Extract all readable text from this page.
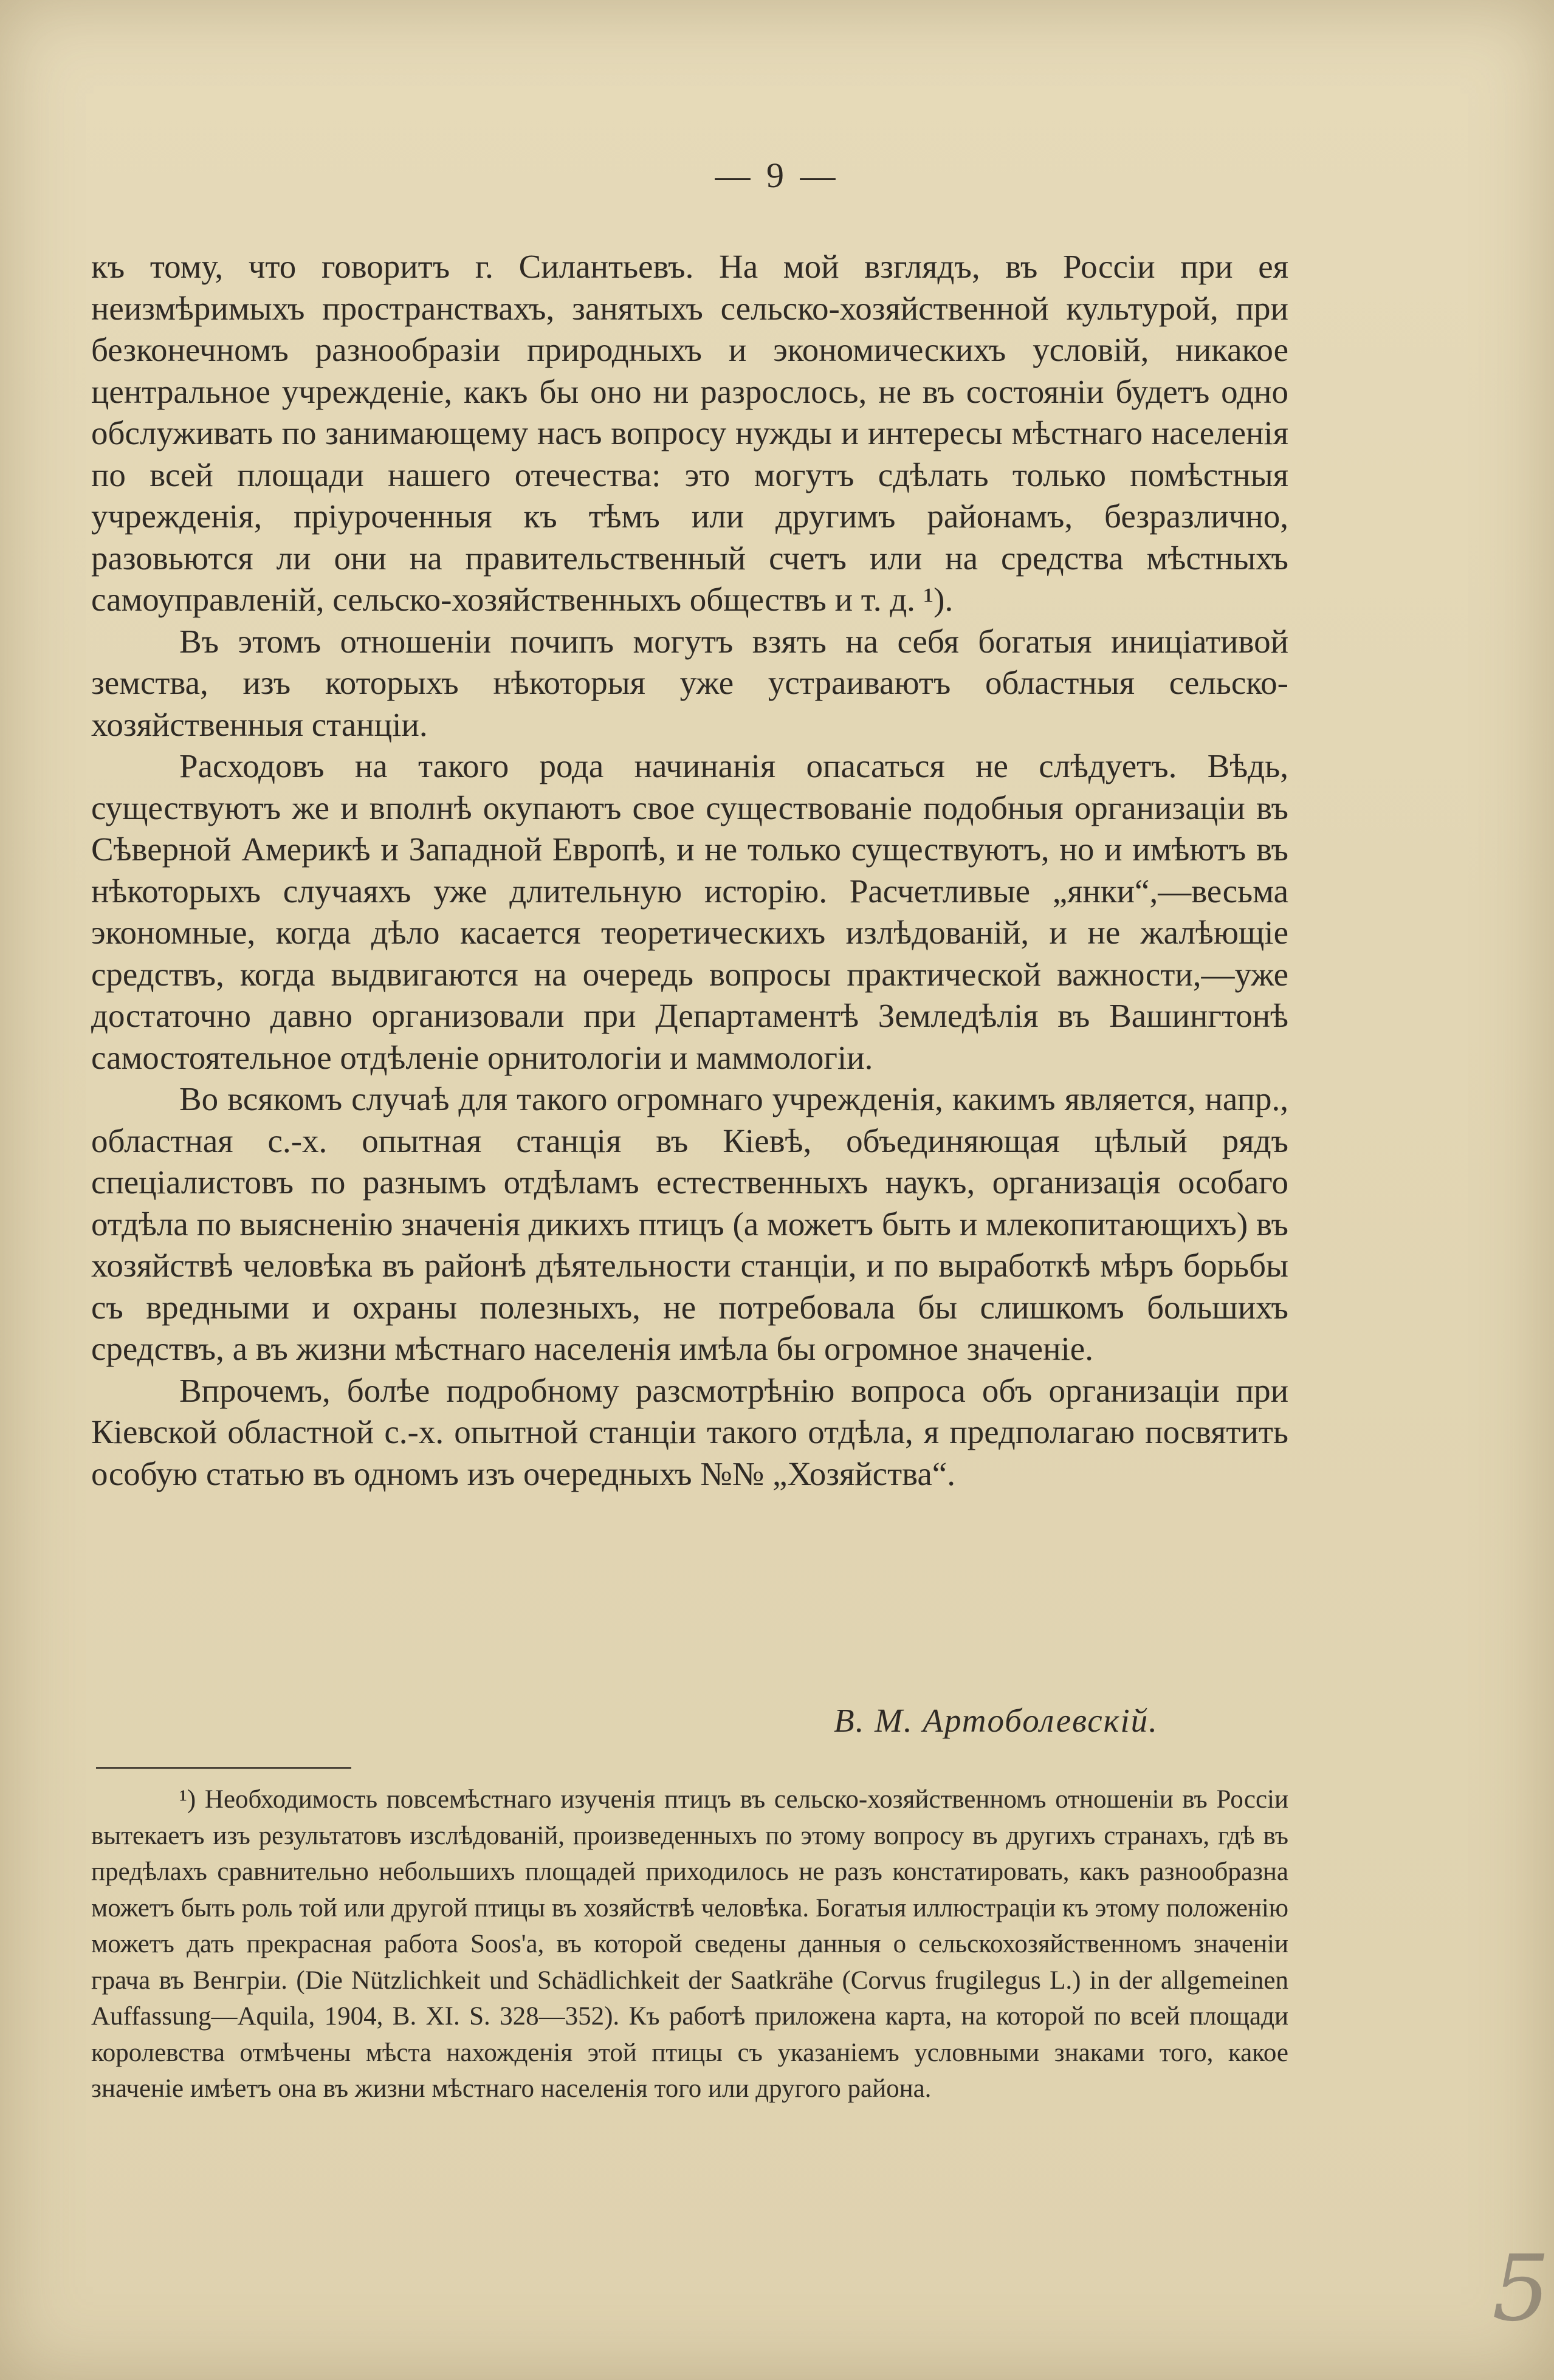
— 9 —

къ тому, что говоритъ г. Силантьевъ. На мой взглядъ, въ Россіи при ея неизмѣримыхъ пространствахъ, занятыхъ сельско-хозяйственной культурой, при безконечномъ разнообразіи природныхъ и экономическихъ условій, никакое центральное учрежденіе, какъ бы оно ни разрослось, не въ состояніи будетъ одно обслуживать по занимающему насъ вопросу нужды и интересы мѣстнаго населенія по всей площади нашего отечества: это могутъ сдѣлать только помѣстныя учрежденія, пріуроченныя къ тѣмъ или другимъ районамъ, безразлично, разовьются ли они на правительственный счетъ или на средства мѣстныхъ самоуправленій, сельско-хозяйственныхъ обществъ и т. д. ¹).

Въ этомъ отношеніи почипъ могутъ взять на себя богатыя иниціативой земства, изъ которыхъ нѣкоторыя уже устраиваютъ областныя сельско-хозяйственныя станціи.

Расходовъ на такого рода начинанія опасаться не слѣдуетъ. Вѣдь, существуютъ же и вполнѣ окупаютъ свое существованіе подобныя организаціи въ Сѣверной Америкѣ и Западной Европѣ, и не только существуютъ, но и имѣютъ въ нѣкоторыхъ случаяхъ уже длительную исторію. Расчетливые „янки“,—весьма экономные, когда дѣло касается теоретическихъ излѣдованій, и не жалѣющіе средствъ, когда выдвигаются на очередь вопросы практической важности,—уже достаточно давно организовали при Департаментѣ Земледѣлія въ Вашингтонѣ самостоятельное отдѣленіе орнитологіи и маммологіи.

Во всякомъ случаѣ для такого огромнаго учрежденія, какимъ является, напр., областная с.-х. опытная станція въ Кіевѣ, объединяющая цѣлый рядъ спеціалистовъ по разнымъ отдѣламъ естественныхъ наукъ, организація особаго отдѣла по выясненію значенія дикихъ птицъ (а можетъ быть и млекопитающихъ) въ хозяйствѣ человѣка въ районѣ дѣятельности станціи, и по выработкѣ мѣръ борьбы съ вредными и охраны полезныхъ, не потребовала бы слишкомъ большихъ средствъ, а въ жизни мѣстнаго населенія имѣла бы огромное значеніе.

Впрочемъ, болѣе подробному разсмотрѣнію вопроса объ организаціи при Кіевской областной с.-х. опытной станціи такого отдѣла, я предполагаю посвятить особую статью въ одномъ изъ очередныхъ №№ „Хозяйства“.

В. М. Артоболевскій.

¹) Необходимость повсемѣстнаго изученія птицъ въ сельско-хозяйственномъ отношеніи въ Россіи вытекаетъ изъ результатовъ изслѣдованій, произведенныхъ по этому вопросу въ другихъ странахъ, гдѣ въ предѣлахъ сравнительно небольшихъ площадей приходилось не разъ констатировать, какъ разнообразна можетъ быть роль той или другой птицы въ хозяйствѣ человѣка. Богатыя иллюстраціи къ этому положенію можетъ дать прекрасная работа Soos'а, въ которой сведены данныя о сельскохозяйственномъ значеніи грача въ Венгріи. (Die Nützlichkeit und Schädlichkeit der Saatkrähe (Corvus frugilegus L.) in der allgemeinen Auffassung—Aquila, 1904, B. XI. S. 328—352). Къ работѣ приложена карта, на которой по всей площади королевства отмѣчены мѣста нахожденія этой птицы съ указаніемъ условными знаками того, какое значеніе имѣетъ она въ жизни мѣстнаго населенія того или другого района.

5
